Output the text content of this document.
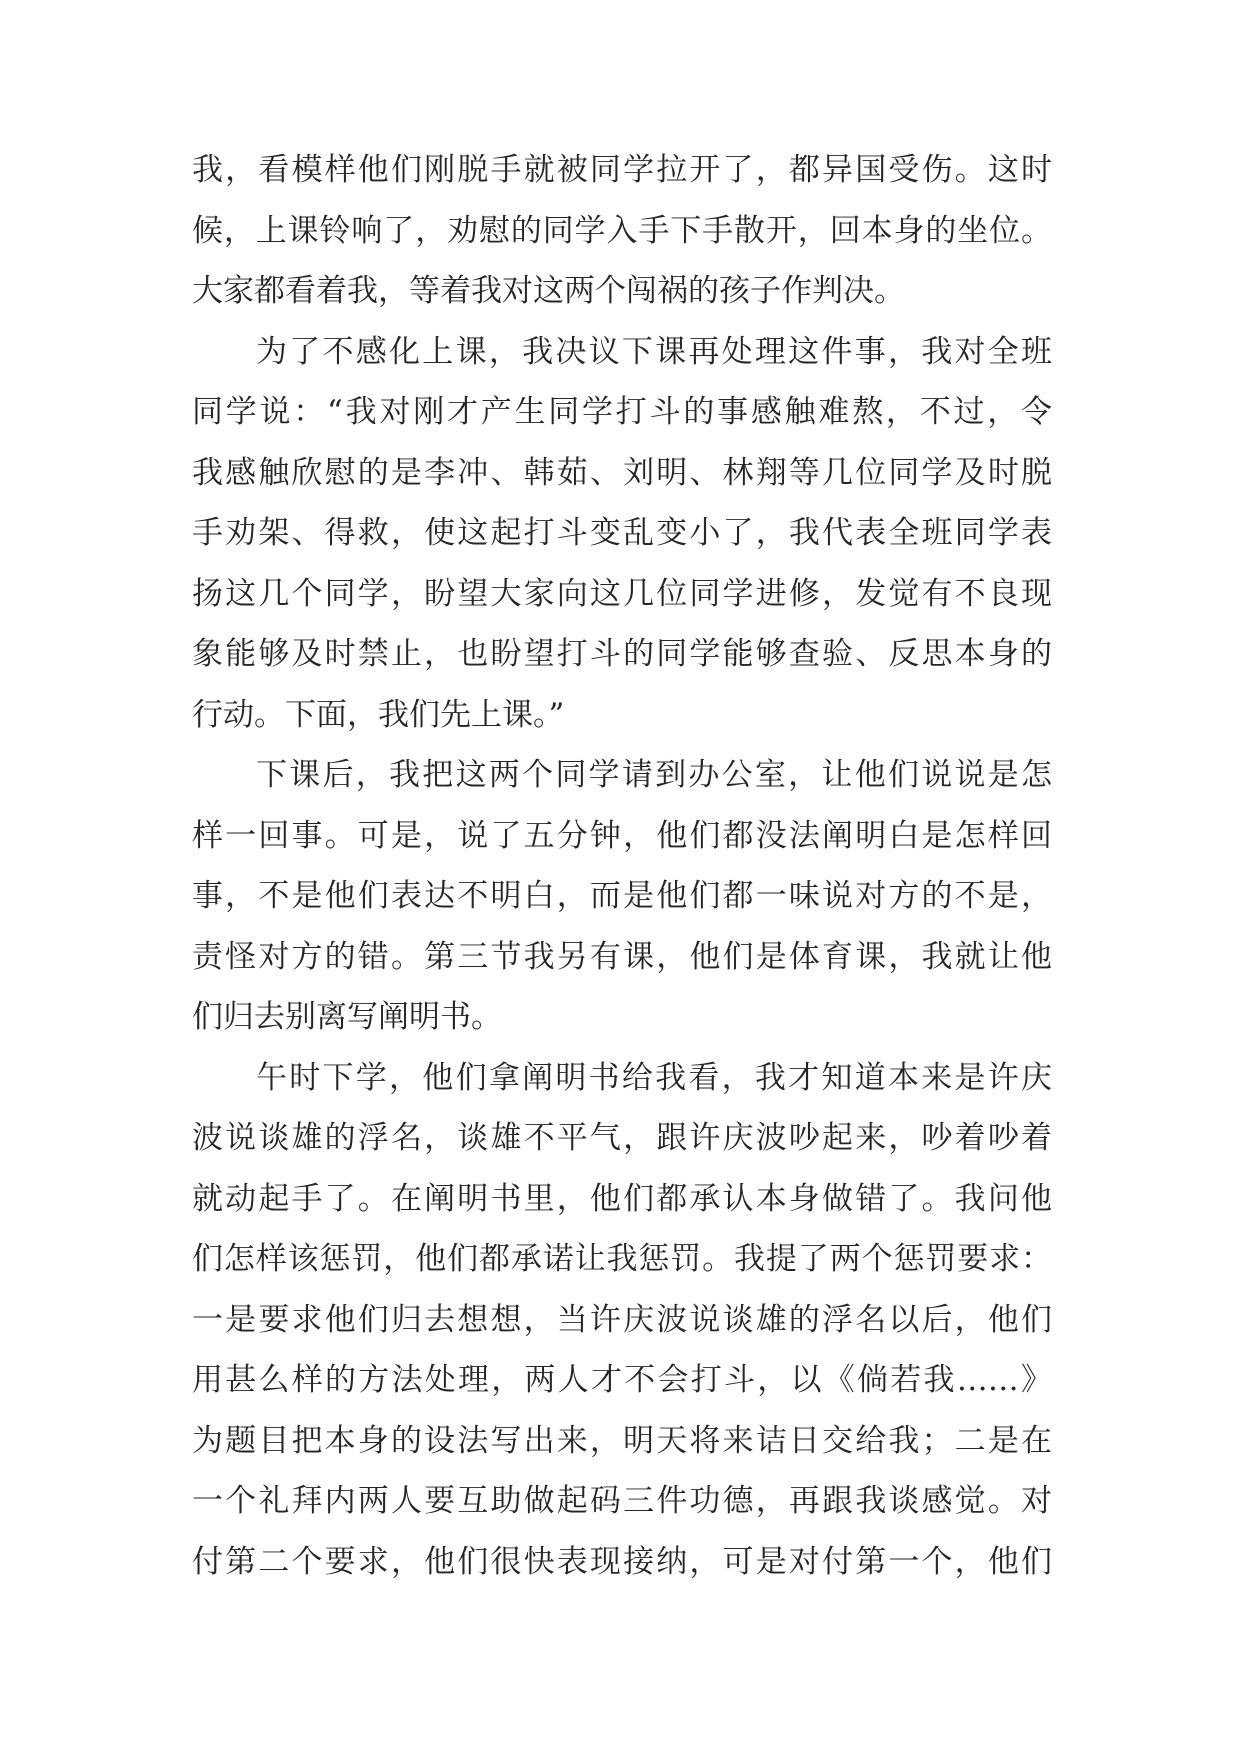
我，看模样他们刚脱手就被同学拉开了，都异国受伤。这时
候，上课铃响了，劝慰的同学入手下手散开，回本身的坐位。
大家都看着我，等着我对这两个闯祸的孩子作判决。
为了不感化上课，我决议下课再处理这件事，我对全班
同学说：“我对刚才产生同学打斗的事感触难熬，不过，令
我感触欣慰的是李冲、韩茹、刘明、林翔等几位同学及时脱
手劝架、得救，使这起打斗变乱变小了，我代表全班同学表
扬这几个同学，盼望大家向这几位同学进修，发觉有不良现
象能够及时禁止，也盼望打斗的同学能够查验、反思本身的
行动。下面，我们先上课。”
下课后，我把这两个同学请到办公室，让他们说说是怎
样一回事。可是，说了五分钟，他们都没法阐明白是怎样回
事，不是他们表达不明白，而是他们都一味说对方的不是，
责怪对方的错。第三节我另有课，他们是体育课，我就让他
们归去别离写阐明书。
午时下学，他们拿阐明书给我看，我才知道本来是许庆
波说谈雄的浮名，谈雄不平气，跟许庆波吵起来，吵着吵着
就动起手了。在阐明书里，他们都承认本身做错了。我问他
们怎样该惩罚，他们都承诺让我惩罚。我提了两个惩罚要求：
一是要求他们归去想想，当许庆波说谈雄的浮名以后，他们
用甚么样的方法处理，两人才不会打斗，以《倘若我……》
为题目把本身的设法写出来，明天将来诘日交给我；二是在
一个礼拜内两人要互助做起码三件功德，再跟我谈感觉。对
付第二个要求，他们很快表现接纳，可是对付第一个，他们
